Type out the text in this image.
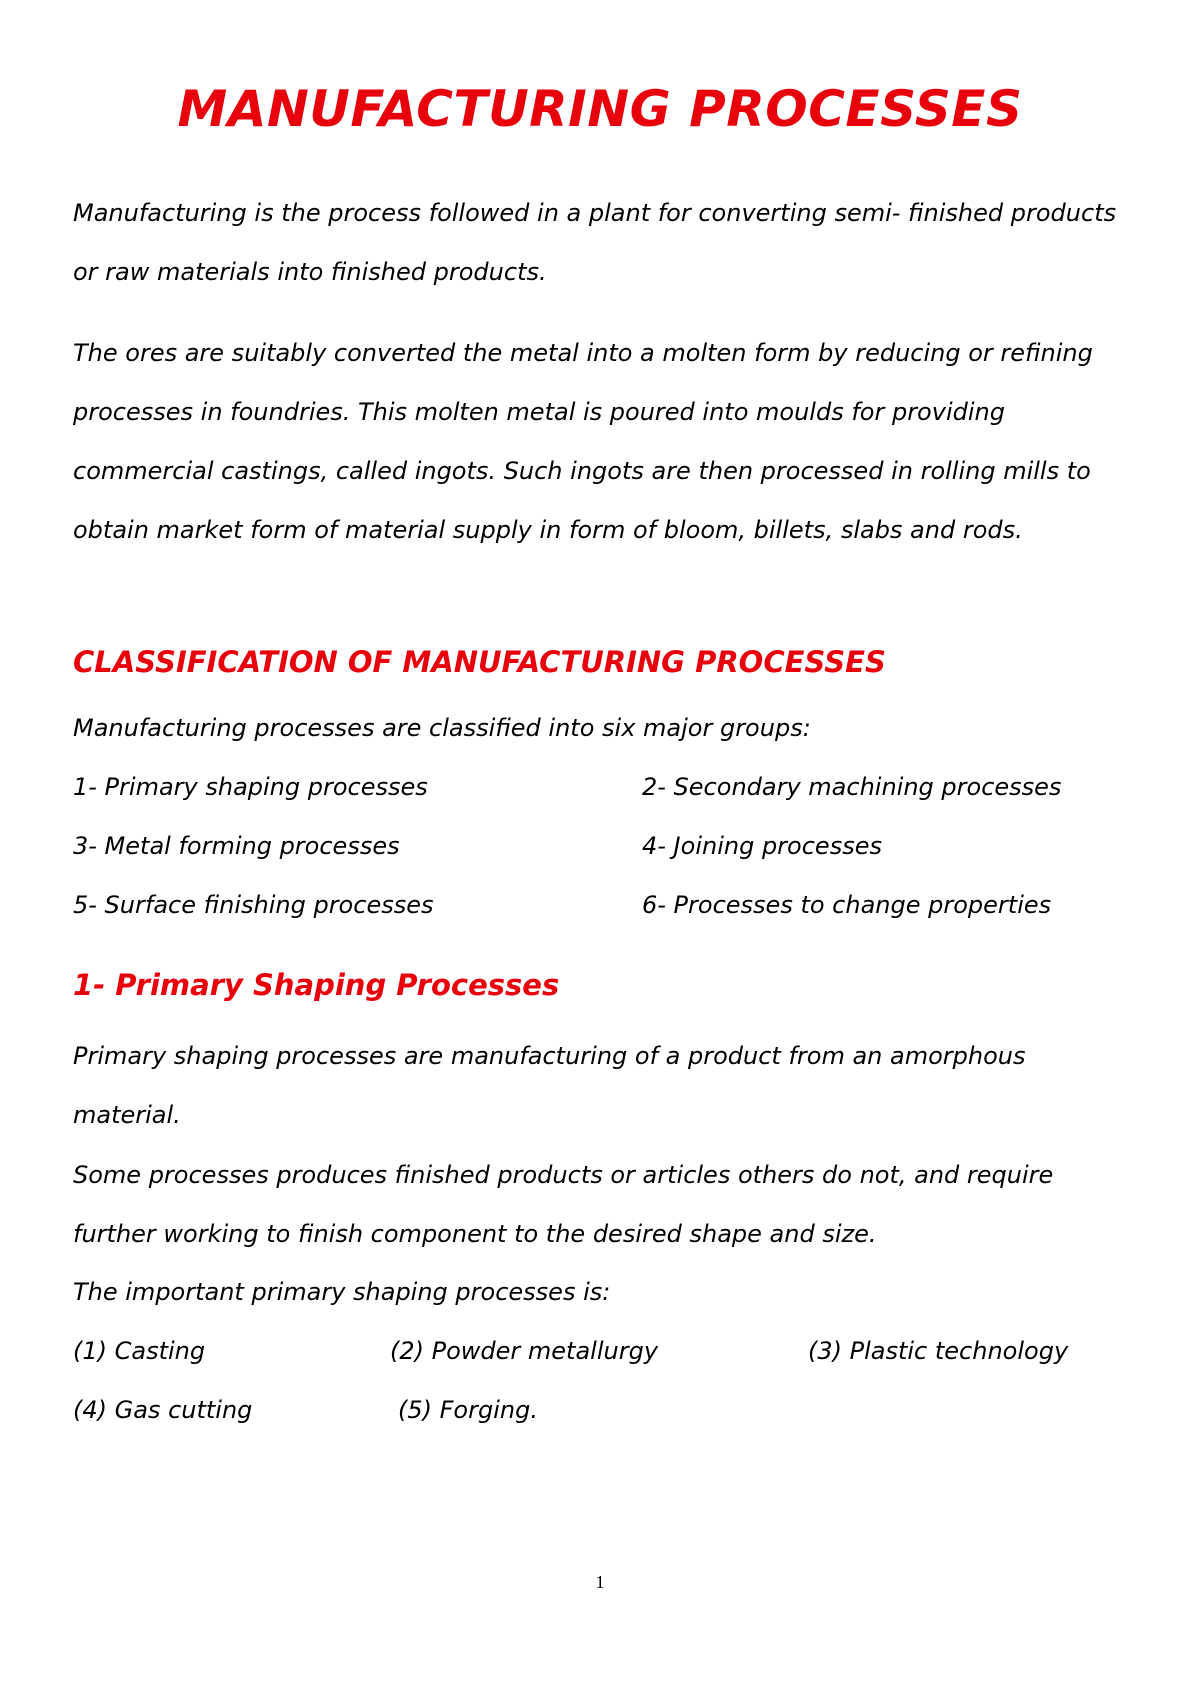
MANUFACTURING PROCESSES

Manufacturing is the process followed in a plant for converting semi- finished products or raw materials into finished products.

The ores are suitably converted the metal into a molten form by reducing or refining processes in foundries. This molten metal is poured into moulds for providing commercial castings, called ingots. Such ingots are then processed in rolling mills to obtain market form of material supply in form of bloom, billets, slabs and rods.

CLASSIFICATION OF MANUFACTURING PROCESSES

Manufacturing processes are classified into six major groups:

1- Primary shaping processes	2- Secondary machining processes

3- Metal forming processes	4- Joining processes

5- Surface finishing processes	6- Processes to change properties

1- Primary Shaping Processes

Primary shaping processes are manufacturing of a product from an amorphous material.

Some processes produces finished products or articles others do not, and require further working to finish component to the desired shape and size.

The important primary shaping processes is:

(1) Casting	(2) Powder metallurgy	(3) Plastic technology

(4) Gas cutting	(5) Forging.

1
